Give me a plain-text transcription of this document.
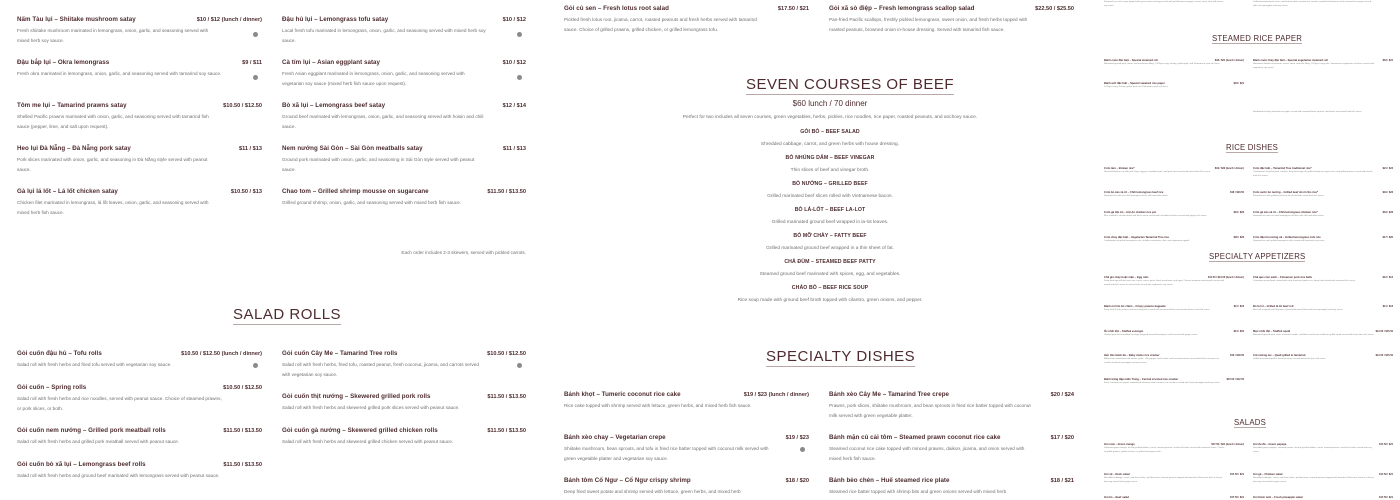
Nấm Tàu lụi – Shiitake mushroom satay	$10 / $12 (lunch / dinner)
Fresh shiitake mushroom marinated in lemongrass, onion, garlic, and seasoning served with mixed herb soy sauce.
Đậu bắp lụi – Okra lemongrass	$9 / $11
Fresh okra marinated in lemongrass, onion, garlic, and seasoning served with tamarind soy sauce.
Tôm me lụi – Tamarind prawns satay	$10.50 / $12.50
Shelled Pacific prawns marinated with onion, garlic, and seasoning served with tamarind fish sauce (pepper, lime, and salt upon request).
Heo lụi Đà Nẵng – Đà Nẵng pork satay	$11 / $13
Pork slices marinated with onion, garlic, and seasoning in Đà Nẵng style served with peanut sauce.
Gà lụi lá lốt – Lá lốt chicken satay	$10.50 / $13
Chicken filet marinated in lemongrass, lá lốt leaves, onion, garlic, and seasoning served with mixed herb fish sauce.
Đậu hủ lụi – Lemongrass tofu satay	$10 / $12
Local fresh tofu marinated in lemongrass, onion, garlic, and seasoning served with mixed herb soy sauce.
Cà tím lụi – Asian eggplant satay	$10 / $12
Fresh Asian eggplant marinated in lemongrass, onion, garlic, and seasoning served with vegetarian soy sauce (mixed herb fish sauce upon request).
Bò xã lụi – Lemongrass beef satay	$12 / $14
Ground beef marinated with lemongrass, onion, garlic, and seasoning served with hoisin and chili sauce.
Nem nướng Sài Gòn – Sài Gòn meatballs satay	$11 / $13
Ground pork marinated with onion, garlic, and seasoning in Sài Gòn style served with peanut sauce.
Chao tom – Grilled shrimp mousse on sugarcane	$11.50 / $13.50
Grilled ground shrimp, onion, garlic, and seasoning served with mixed herb fish sauce.
Each order includes 2-3 skewers, served with pickled carrots.
SALAD ROLLS
Gỏi cuốn đậu hủ – Tofu rolls	$10.50 / $12.50 (lunch / dinner)
Salad roll with fresh herbs and fried tofu served with vegetarian soy sauce.
Gỏi cuốn – Spring rolls	$10.50 / $12.50
Salad roll with fresh herbs and rice noodles, served with peanut sauce. Choice of steamed prawns, or pork slices, or both.
Gỏi cuốn nem nướng – Grilled pork meatball rolls	$11.50 / $13.50
Salad roll with fresh herbs and grilled pork meatball served with peanut sauce.
Gỏi cuốn bò xã lụi – Lemongrass beef rolls	$11.50 / $13.50
Salad roll with fresh herbs and ground beef marinated with lemongrass served with peanut sauce.
Gỏi cuốn Cây Me – Tamarind Tree rolls	$10.50 / $12.50
Salad roll with fresh herbs, fried tofu, roasted peanut, fresh coconut, jicama, and carrots served with vegetarian soy sauce.
Gỏi cuốn thịt nướng – Skewered grilled pork rolls	$11.50 / $13.50
Salad roll with fresh herbs and skewered grilled pork slices served with peanut sauce.
Gỏi cuốn gà nướng – Skewered grilled chicken rolls	$11.50 / $13.50
Salad roll with fresh herbs and skewered grilled chicken served with peanut sauce.
Gỏi củ sen – Fresh lotus root salad	$17.50 / $21
Pickled fresh lotus root, jicama, carrot, roasted peanuts and fresh herbs served with tamarind sauce. Choice of grilled prawns, grilled chicken, or grilled lemongrass tofu.
Gỏi xã sò điệp – Fresh lemongrass scallop salad	$22.50 / $25.50
Pan-fried Pacific scallops, freshly pickled lemongrass, sweet onion, and fresh herbs topped with roasted peanuts, browned onion in-house dressing. Served with tamarind fish sauce.
SEVEN COURSES OF BEEF
$60 lunch / 70 dinner
Perfect for two includes all seven courses, green vegetables, herbs, pickles, rice noodles, rice paper, roasted peanuts, and anchovy sauce.
GỎI BÒ – BEEF SALAD
Shredded cabbage, carrot, and green herbs with house dressing.
BÒ NHÚNG DẤM – BEEF VINEGAR
Thin slices of beef and vinegar broth.
BÒ NƯỚNG – GRILLED BEEF
Grilled marinated beef slices rolled with Vietnamese bacon.
BÒ LÁ-LỐT – BEEF LA-LOT
Grilled marinated ground beef wrapped in la-lot leaves.
BÒ MỠ CHÀY – FATTY BEEF
Grilled marinated ground beef wrapped in a thin sheet of fat.
CHẢ ĐÙM – STEAMED BEEF PATTY
Steamed ground beef marinated with spices, egg, and vegetables.
CHÁO BÒ – BEEF RICE SOUP
Rice soup made with ground beef broth topped with cilantro, green onions, and pepper.
SPECIALTY DISHES
Bánh khọt – Tumeric coconut rice cake	$19 / $23 (lunch / dinner)
Rice cake topped with shrimp served with lettuce, green herbs, and mixed herb fish sauce.
Bánh xèo chay – Vegetarian crepe	$19 / $23
Shiitake mushroom, bean sprouts, and tofu in fried rice batter topped with coconut milk served with green vegetable platter and vegetarian soy sauce.
Bánh tôm Cổ Ngư – Cổ Ngư crispy shrimp	$18 / $20
Deep fried sweet potato and shrimp served with lettuce, green herbs, and mixed herb
Bánh xèo Cây Me – Tamarind Tree crepe	$20 / $24
Prawns, pork slices, shiitake mushroom, and bean sprouts in fried rice batter topped with coconut milk served with green vegetable platter.
Bánh mặn củ cải tôm – Steamed prawn coconut rice cake	$17 / $20
Steamed coconut rice cake topped with minced prawns, daikon, jicama, and onion served with mixed herb fish sauce.
Bánh bèo chén – Huế steamed rice plate	$18 / $21
Steamed rice batter topped with shrimp bits and green onions served with mixed herb
Steamed rice cake crepe topped with green onion and egg served with pickled green papaya, carrot, and a slice with house soy sauce.
Grilled marinated pork slices and broken white sesame rice cracker sandwiched between fresh steamed rice paper served with fresh pineapple anchovy sauce.
STEAMED RICE PAPER
Bánh cuốn đặc biệt – Special steamed roll	$18 / $21 (lunch / dinner)
Marinated ground pork, onion, and mushroom filling, Cổ Ngư crispy shrimp, grilled pork, and Vietnamese pork roll slices.
Bánh cuốn chay đặc biệt – Special vegetarian steamed roll	$18 / $21
Marinated shiitake mushroom, carrot, onion, and tofu filling, Cổ Ngư crispy tofu, Vietnamese vegetarian roll slices served with vegetarian soy sauce.
Bánh ướt đặc biệt – Special steamed rice paper	$18 / $21
Cổ Ngư crispy shrimp, grilled pork and Vietnamese pork roll slices.
Handmade freshly steamed rice paper served with steamed bean sprouts, fried basil, and mixed herb fish sauce.
RICE DISHES
Cơm tấm – Broken rice*	$19 / $23 (lunch / dinner)
Steamed broken rice with pork chop, egg pie, shredded pork, and pork rind served with mixed herb fish sauce.
Cơm đặc biệt – Tamarind Tree traditional rice*	$21 / $24
Combination of grilled pork, chicken, deep fried egg roll, grilled shrimp on sugar cane, and grilled prawns served with mixed herb fish sauce.
Cơm bò xào xả ớt – Chili lemongrass beef rice	$18 / $20.50
Steamed rice with stir fried lemongrass beef, chili and white onion.
Cơm sườn bò nướng – Grilled beef short ribs rice*	$19 / $23
Steamed rice with grilled beef short rib served with mixed herb fish sauce.
Cơm gà Hội An – Hội An chicken rice pot	$19 / $23
Rice cooked in chicken broth and fresh sauce served with shredded chicken served with ginger fish sauce.
Cơm gà xào xả ớt – Chili lemongrass chicken rice*	$19 / $23
Steamed rice with stir fried lemongrass chicken with chili and white onion.
Cơm chay đặc biệt – Vegetarian Tamarind Tree rice	$20 / $23
Combination of grilled lemongrass tofu, shiitake mushroom, okra, and vegetarian eggroll.
Cơm đậu hủ nướng xả – Grilled lemongrass tofu rice	$17 / $20
Steamed rice with grilled lemongrass tofu served with tamarind soy sauce.
SPECIALTY APPETIZERS
Chả giò chay hoặc mặn – Egg rolls	$11.50 / $13.50 (lunch / dinner)
Deep fried egg roll with taro root, carrot, onion, garlic, black mushroom, and eggs. Choose between minced pork served with mixed herb fish sauce or minced tofu served with vegetarian soy sauce.
Chả quế cốm xanh – Cinnamon pork rice balls	$12 / $14
Cinnamon ground pork coated with early harvested green rice, deep fried served with tamarind fish sauce.
Bánh mì tôm bơ chiên – Crispy prawns baguette	$11 / $13
Deep fried Pacific prawns and fresh baguette coated with seasoned butter served with lettuce and chili sauce.
Bò lá lốt – Grilled lá lốt beef roll	$11 / $13
Beef roll wrapped in lá lốt leaves served with mixed herb and fresh pineapple anchovy sauce.
Ốc nhồi thịt – Stuffed escargot	$14 / $16
Ground pork and shredded escargot wrapped around lemongrass stalk served with ginger sauce.
Mực nhồi thịt – Stuffed squid	$12.50 / $15.50
Marinated ground pork, clear vermicelli noodle, and black mushroom stuffed in grilled squid served with fresh lime chili sauce.
Hến Xúc bánh đa – Baby clams rice cracker	$16 / $18.50
Baby clams marinated with onions, garlic, chili pepper, fresh herbs, and roasted peanuts served with black sesame rice cracker and fresh pineapple anchovy sauce.
Cút nướng me – Quail grilled in tamarind	$12.50 / $15.50
Grilled marinated quail in tamarind sauce served with fresh lime chili sauce.
Bánh tráng đập miền Trung – Central crushed rice cracker	$10.50 / $12.50
Fresh steamed rice paper sandwiched between white sesame rice crackers served with fresh pineapple anchovy sauce.
SALADS
Gỏi xoài – Green mango	$17.50 / $21 (lunch / dinner)
Julienned green mango, freshly pickled daikon, carrot, roasted peanuts, and fresh herbs served with tamarind sauce. Choice of grilled prawns, grilled chicken, or grilled lemongrass tofu.
Gỏi đu đủ – Green papaya	$17.50 / $21
Shredded green papaya, steamed prawns, freshly pickled daikon, carrot, roasted peanuts, and fresh herbs served with soy sauce.
Gỏi vịt – Duck salad	$17.50 / $21
Shredded cabbage, carrot, and fresh herbs, pickled onion, roasted peanuts topped with boneless Rotisserie duck in house dressing served with ginger sauce.
Gỏi gà – Chicken salad	$17.50 / $21
Shredded cabbage, carrot, and fresh herbs, pickled onion, roasted peanuts topped with boneless Rotisserie chicken in house dressing served with ginger sauce.
Gỏi bò – Beef salad	$17.50 / $21	Gỏi thơm tươi – Fresh pineapple salad	$17.50 / $21
